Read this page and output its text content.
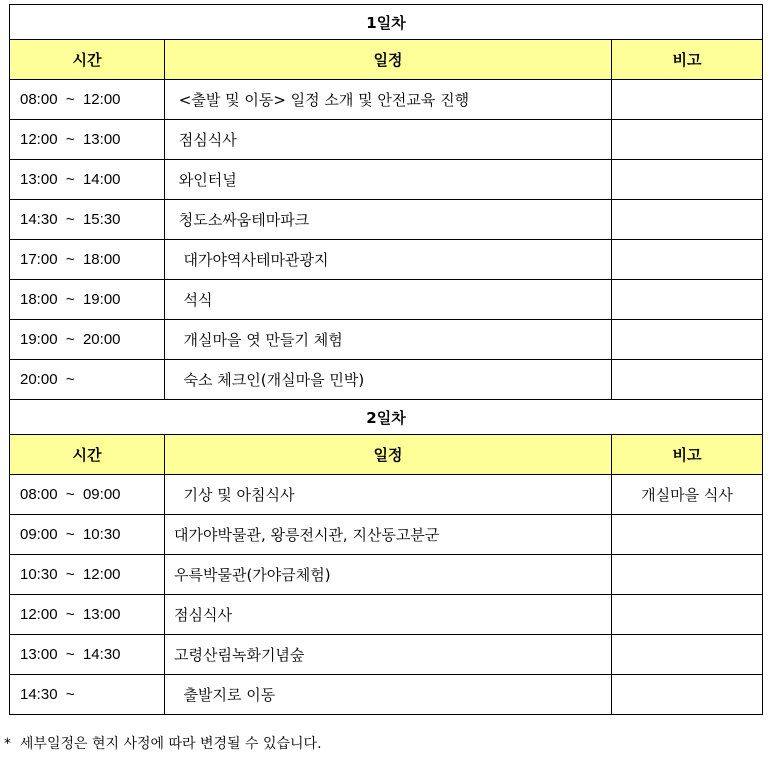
1일차		
시간	일정	비고
08:00  ~  12:00	<출발 및 이동> 일정 소개 및 안전교육 진행	
12:00  ~  13:00	점심식사	
13:00  ~  14:00	와인터널	
14:30  ~  15:30	청도소싸움테마파크	
17:00  ~  18:00	대가야역사테마관광지	
18:00  ~  19:00	석식	
19:00  ~  20:00	개실마을 엿 만들기 체험	
20:00  ~	숙소 체크인(개실마을 민박)	
2일차		
시간	일정	비고
08:00  ~  09:00	기상 및 아침식사	개실마을 식사
09:00  ~  10:30	대가야박물관, 왕릉전시관, 지산동고분군	
10:30  ~  12:00	우륵박물관(가야금체험)	
12:00  ~  13:00	점심식사	
13:00  ~  14:30	고령산림녹화기념숲	
14:30  ~	출발지로 이동	
*  세부일정은 현지 사정에 따라 변경될 수 있습니다.
